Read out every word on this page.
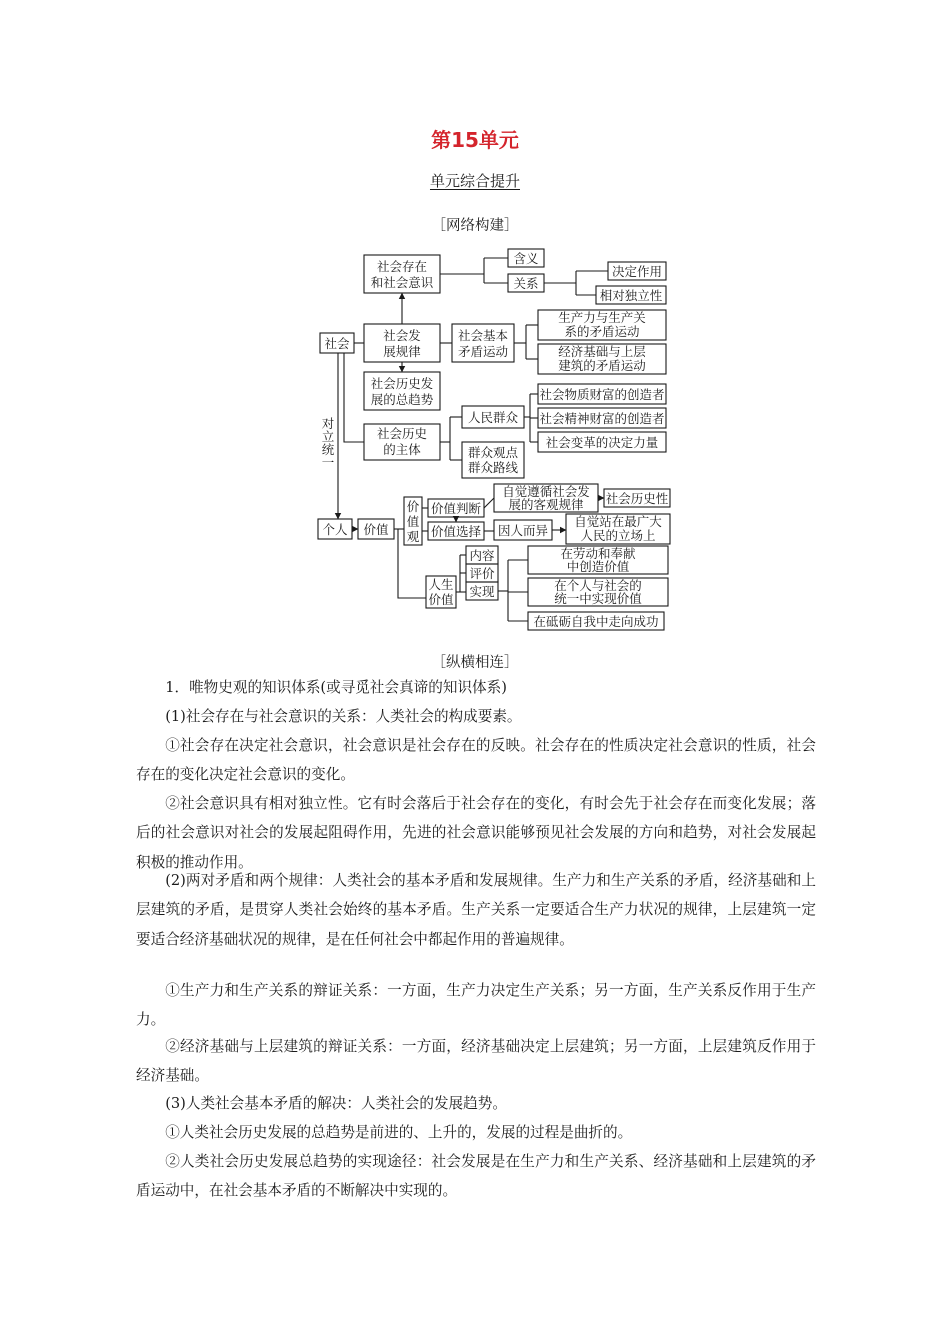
第15单元

单元综合提升

［网络构建］

社会存在
和社会意识
含义
关系
决定作用
相对独立性
社会
社会发
展规律
社会基本
矛盾运动
生产力与生产关
系的矛盾运动
经济基础与上层
建筑的矛盾运动
社会历史发
展的总趋势
人民群众
社会物质财富的创造者
社会精神财富的创造者
社会变革的决定力量
社会历史
的主体	群众观点
群众路线
对
立
统
一
个人 价值
价
值
观
价值判断
价值选择
自觉遵循社会发
展的客观规律 社会历史性
因人而异
自觉站在最广大
人民的立场上
人生
价值
内容
评价
实现
在劳动和奉献
中创造价值
在个人与社会的
统一中实现价值
在砥砺自我中走向成功

［纵横相连］

1．唯物史观的知识体系(或寻觅社会真谛的知识体系)

(1)社会存在与社会意识的关系：人类社会的构成要素。

①社会存在决定社会意识，社会意识是社会存在的反映。社会存在的性质决定社会意识的性质，社会存在的变化决定社会意识的变化。

②社会意识具有相对独立性。它有时会落后于社会存在的变化，有时会先于社会存在而变化发展；落后的社会意识对社会的发展起阻碍作用，先进的社会意识能够预见社会发展的方向和趋势，对社会发展起积极的推动作用。

(2)两对矛盾和两个规律：人类社会的基本矛盾和发展规律。生产力和生产关系的矛盾，经济基础和上层建筑的矛盾，是贯穿人类社会始终的基本矛盾。生产关系一定要适合生产力状况的规律，上层建筑一定要适合经济基础状况的规律，是在任何社会中都起作用的普遍规律。

①生产力和生产关系的辩证关系：一方面，生产力决定生产关系；另一方面，生产关系反作用于生产力。

②经济基础与上层建筑的辩证关系：一方面，经济基础决定上层建筑；另一方面，上层建筑反作用于经济基础。

(3)人类社会基本矛盾的解决：人类社会的发展趋势。

①人类社会历史发展的总趋势是前进的、上升的，发展的过程是曲折的。

②人类社会历史发展总趋势的实现途径：社会发展是在生产力和生产关系、经济基础和上层建筑的矛盾运动中，在社会基本矛盾的不断解决中实现的。
